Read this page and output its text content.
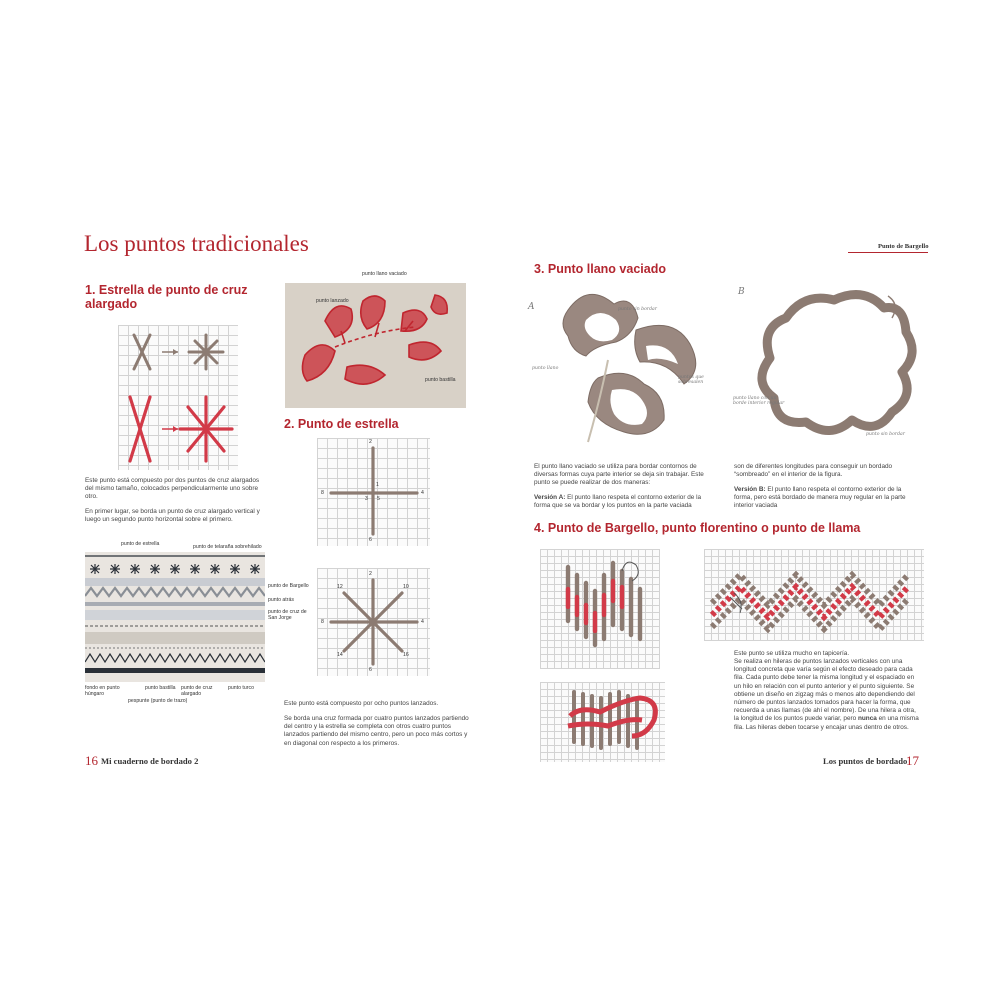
Los puntos tradicionales
1. Estrella de punto de cruz alargado
Este punto está compuesto por dos puntos de cruz alargados del mismo tamaño, colocados perpendicularmente uno sobre otro.
En primer lugar, se borda un punto de cruz alargado vertical y luego un segundo punto horizontal sobre el primero.
punto de estrella	punto de telaraña sobrehilado
punto de Bargello
punto atrás
punto de cruz de San Jorge
fondo en punto húngaro
punto bastilla
pespunte (punto de trazo)
punto de cruz alargado
punto turco
punto llano vaciado
punto lanzado
punto bastilla
2. Punto de estrella
2
4
1
8
3 5
6
2
12	10
8	4
14	16
6
Este punto está compuesto por ocho puntos lanzados.
Se borda una cruz formada por cuatro puntos lanzados partiendo del centro y la estrella se completa con otros cuatro puntos lanzados partiendo del mismo centro, pero un poco más cortos y en diagonal con respecto a los primeros.
16 Mi cuaderno de bordado 2
Punto de Bargello
3. Punto llano vaciado
A	punto sin bordar
punto llano
puntos que sobresalen
B
punto llano con un borde interior regular
punto sin bordar
El punto llano vaciado se utiliza para bordar contornos de diversas formas cuya parte interior se deja sin trabajar. Este punto se puede realizar de dos maneras:
Versión A: El punto llano respeta el contorno exterior de la forma que se va bordar y los puntos en la parte vaciada
son de diferentes longitudes para conseguir un bordado “sombreado” en el interior de la figura.
Versión B: El punto llano respeta el contorno exterior de la forma, pero está bordado de manera muy regular en la parte interior vaciada
4. Punto de Bargello, punto florentino o punto de llama
Este punto se utiliza mucho en tapicería.
Se realiza en hileras de puntos lanzados verticales con una longitud concreta que varía según el efecto deseado para cada fila. Cada punto debe tener la misma longitud y el espaciado en un hilo en relación con el punto anterior y el punto siguiente. Se obtiene un diseño en zigzag más o menos alto dependiendo del número de puntos lanzados tomados para hacer la forma, que recuerda a unas llamas (de ahí el nombre). De una hilera a otra, la longitud de los puntos puede variar, pero nunca en una misma fila. Las hileras deben tocarse y encajar unas dentro de otros.
Los puntos de bordado
17
